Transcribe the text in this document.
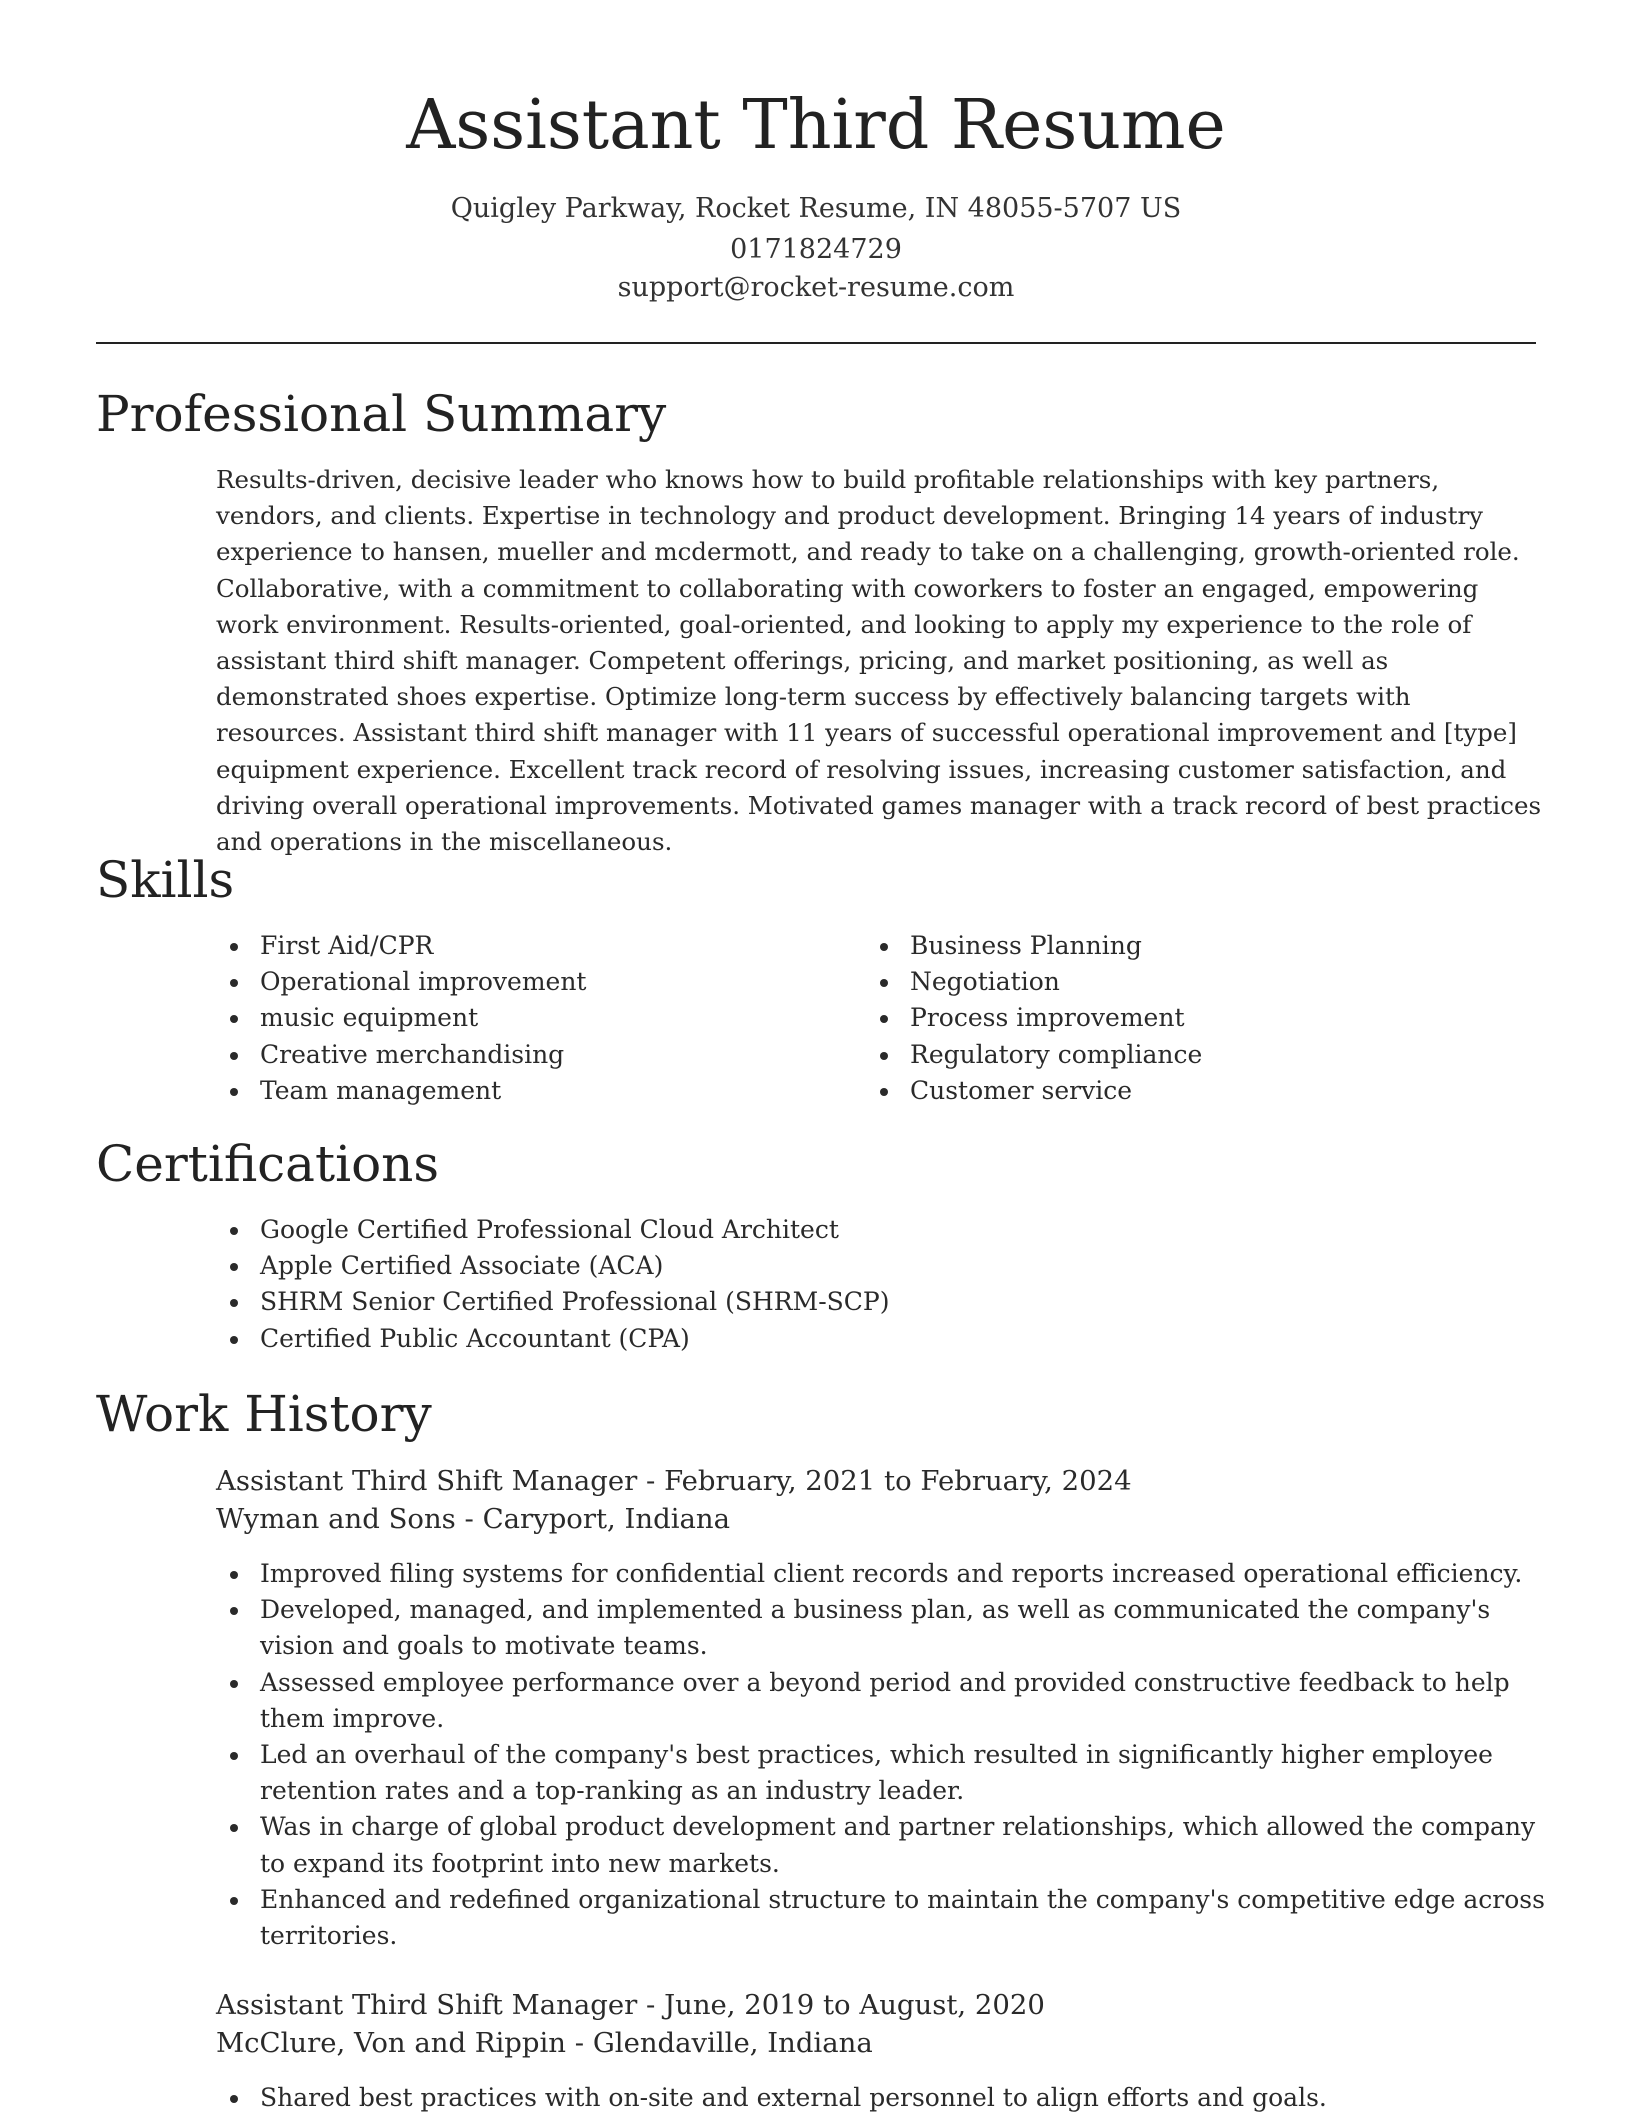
Assistant Third Resume
Quigley Parkway, Rocket Resume, IN 48055-5707 US
0171824729
support@rocket-resume.com
Professional Summary
Results-driven, decisive leader who knows how to build profitable relationships with key partners, vendors, and clients. Expertise in technology and product development. Bringing 14 years of industry experience to hansen, mueller and mcdermott, and ready to take on a challenging, growth-oriented role. Collaborative, with a commitment to collaborating with coworkers to foster an engaged, empowering work environment. Results-oriented, goal-oriented, and looking to apply my experience to the role of assistant third shift manager. Competent offerings, pricing, and market positioning, as well as demonstrated shoes expertise. Optimize long-term success by effectively balancing targets with resources. Assistant third shift manager with 11 years of successful operational improvement and [type] equipment experience. Excellent track record of resolving issues, increasing customer satisfaction, and driving overall operational improvements. Motivated games manager with a track record of best practices and operations in the miscellaneous.
Skills
First Aid/CPR
Operational improvement
music equipment
Creative merchandising
Team management
Business Planning
Negotiation
Process improvement
Regulatory compliance
Customer service
Certifications
Google Certified Professional Cloud Architect
Apple Certified Associate (ACA)
SHRM Senior Certified Professional (SHRM-SCP)
Certified Public Accountant (CPA)
Work History
Assistant Third Shift Manager - February, 2021 to February, 2024
Wyman and Sons - Caryport, Indiana
Improved filing systems for confidential client records and reports increased operational efficiency.
Developed, managed, and implemented a business plan, as well as communicated the company's vision and goals to motivate teams.
Assessed employee performance over a beyond period and provided constructive feedback to help them improve.
Led an overhaul of the company's best practices, which resulted in significantly higher employee retention rates and a top-ranking as an industry leader.
Was in charge of global product development and partner relationships, which allowed the company to expand its footprint into new markets.
Enhanced and redefined organizational structure to maintain the company's competitive edge across territories.
Assistant Third Shift Manager - June, 2019 to August, 2020
McClure, Von and Rippin - Glendaville, Indiana
Shared best practices with on-site and external personnel to align efforts and goals.
